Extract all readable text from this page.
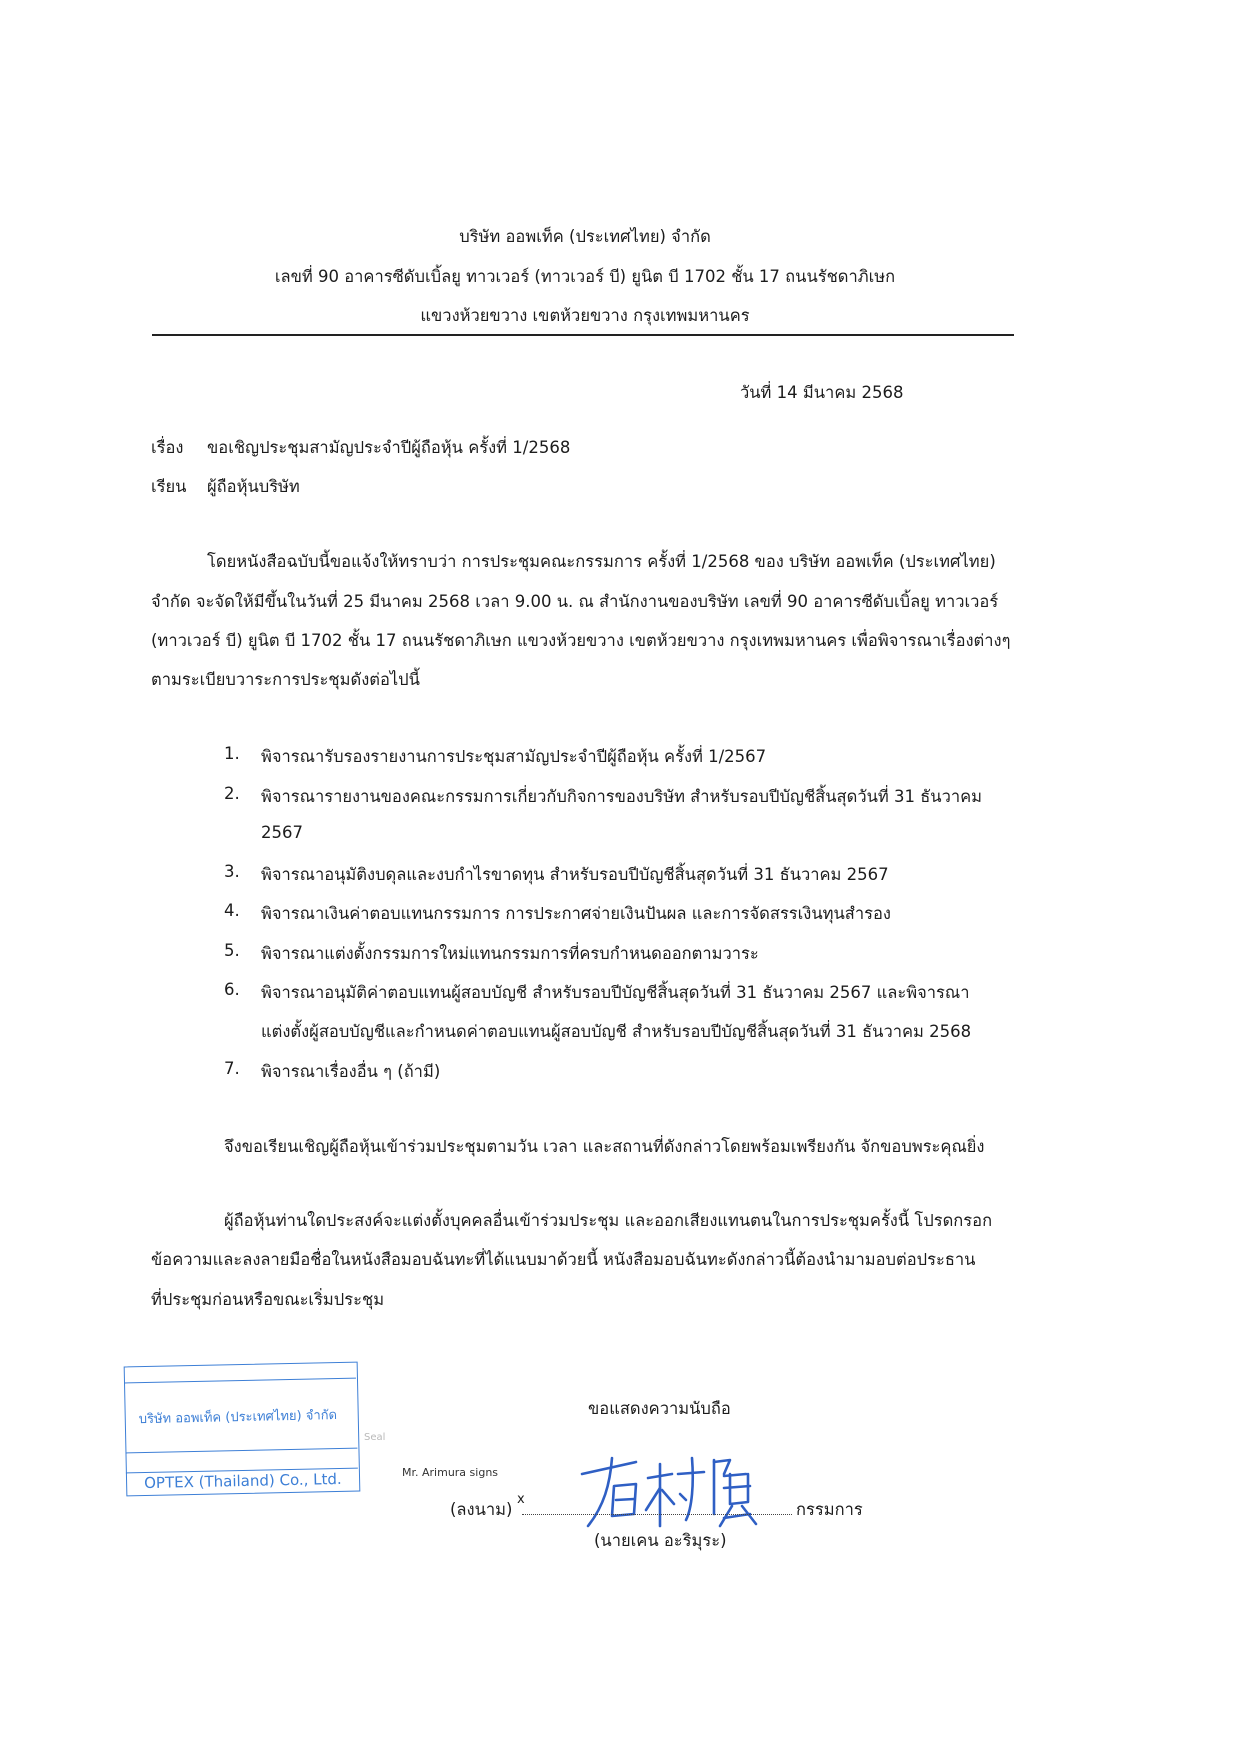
บริษัท ออพเท็ค (ประเทศไทย) จำกัด
เลขที่ 90 อาคารซีดับเบิ้ลยู ทาวเวอร์ (ทาวเวอร์ บี) ยูนิต บี 1702 ชั้น 17 ถนนรัชดาภิเษก
แขวงห้วยขวาง เขตห้วยขวาง กรุงเทพมหานคร
วันที่ 14 มีนาคม 2568
เรื่อง ขอเชิญประชุมสามัญประจำปีผู้ถือหุ้น ครั้งที่ 1/2568
เรียน ผู้ถือหุ้นบริษัท
โดยหนังสือฉบับนี้ขอแจ้งให้ทราบว่า การประชุมคณะกรรมการ ครั้งที่ 1/2568 ของ บริษัท ออพเท็ค (ประเทศไทย)
จำกัด จะจัดให้มีขึ้นในวันที่ 25 มีนาคม 2568 เวลา 9.00 น. ณ สำนักงานของบริษัท เลขที่ 90 อาคารซีดับเบิ้ลยู ทาวเวอร์
(ทาวเวอร์ บี) ยูนิต บี 1702 ชั้น 17 ถนนรัชดาภิเษก แขวงห้วยขวาง เขตห้วยขวาง กรุงเทพมหานคร เพื่อพิจารณาเรื่องต่างๆ
ตามระเบียบวาระการประชุมดังต่อไปนี้
1. พิจารณารับรองรายงานการประชุมสามัญประจำปีผู้ถือหุ้น ครั้งที่ 1/2567
2. พิจารณารายงานของคณะกรรมการเกี่ยวกับกิจการของบริษัท สำหรับรอบปีบัญชีสิ้นสุดวันที่ 31 ธันวาคม
2567
3. พิจารณาอนุมัติงบดุลและงบกำไรขาดทุน สำหรับรอบปีบัญชีสิ้นสุดวันที่ 31 ธันวาคม 2567
4. พิจารณาเงินค่าตอบแทนกรรมการ การประกาศจ่ายเงินปันผล และการจัดสรรเงินทุนสำรอง
5. พิจารณาแต่งตั้งกรรมการใหม่แทนกรรมการที่ครบกำหนดออกตามวาระ
6. พิจารณาอนุมัติค่าตอบแทนผู้สอบบัญชี สำหรับรอบปีบัญชีสิ้นสุดวันที่ 31 ธันวาคม 2567 และพิจารณา
แต่งตั้งผู้สอบบัญชีและกำหนดค่าตอบแทนผู้สอบบัญชี สำหรับรอบปีบัญชีสิ้นสุดวันที่ 31 ธันวาคม 2568
7. พิจารณาเรื่องอื่น ๆ (ถ้ามี)
จึงขอเรียนเชิญผู้ถือหุ้นเข้าร่วมประชุมตามวัน เวลา และสถานที่ดังกล่าวโดยพร้อมเพรียงกัน จักขอบพระคุณยิ่ง
ผู้ถือหุ้นท่านใดประสงค์จะแต่งตั้งบุคคลอื่นเข้าร่วมประชุม และออกเสียงแทนตนในการประชุมครั้งนี้ โปรดกรอก
ข้อความและลงลายมือชื่อในหนังสือมอบฉันทะที่ได้แนบมาด้วยนี้ หนังสือมอบฉันทะดังกล่าวนี้ต้องนำมามอบต่อประธาน
ที่ประชุมก่อนหรือขณะเริ่มประชุม
บริษัท ออพเท็ค (ประเทศไทย) จำกัด
OPTEX (Thailand) Co., Ltd.
Seal
ขอแสดงความนับถือ
Mr. Arimura signs
(ลงนาม)
x
กรรมการ
(นายเคน อะริมุระ)
